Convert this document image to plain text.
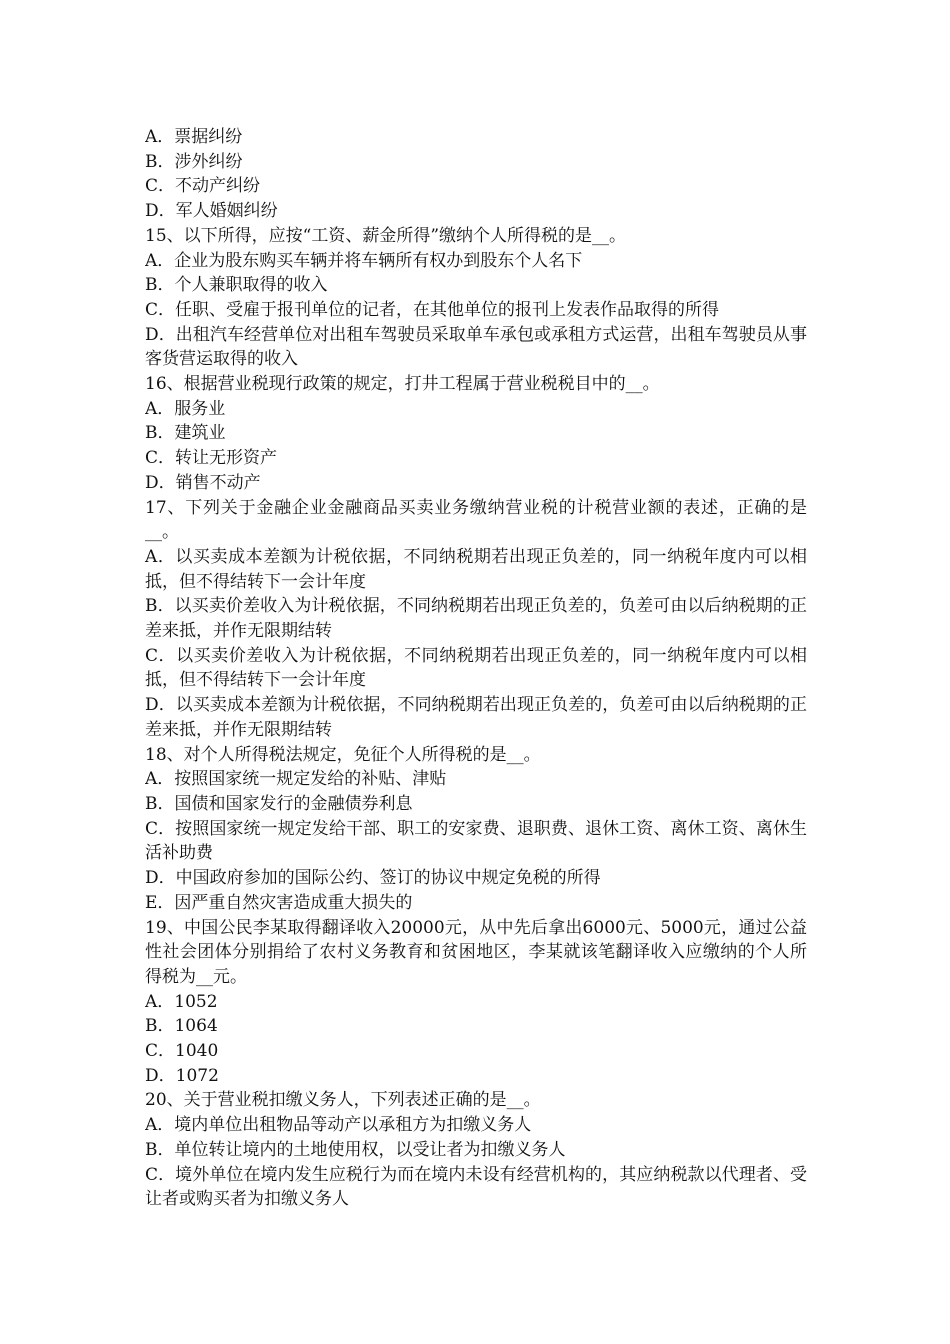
A．票据纠纷
B．涉外纠纷
C．不动产纠纷
D．军人婚姻纠纷
15、以下所得，应按“工资、薪金所得”缴纳个人所得税的是__。
A．企业为股东购买车辆并将车辆所有权办到股东个人名下
B．个人兼职取得的收入
C．任职、受雇于报刊单位的记者，在其他单位的报刊上发表作品取得的所得
D．出租汽车经营单位对出租车驾驶员采取单车承包或承租方式运营，出租车驾驶员从事客货营运取得的收入
16、根据营业税现行政策的规定，打井工程属于营业税税目中的__。
A．服务业
B．建筑业
C．转让无形资产
D．销售不动产
17、下列关于金融企业金融商品买卖业务缴纳营业税的计税营业额的表述，正确的是__。
A．以买卖成本差额为计税依据，不同纳税期若出现正负差的，同一纳税年度内可以相抵，但不得结转下一会计年度
B．以买卖价差收入为计税依据，不同纳税期若出现正负差的，负差可由以后纳税期的正差来抵，并作无限期结转
C．以买卖价差收入为计税依据，不同纳税期若出现正负差的，同一纳税年度内可以相抵，但不得结转下一会计年度
D．以买卖成本差额为计税依据，不同纳税期若出现正负差的，负差可由以后纳税期的正差来抵，并作无限期结转
18、对个人所得税法规定，免征个人所得税的是__。
A．按照国家统一规定发给的补贴、津贴
B．国债和国家发行的金融债券利息
C．按照国家统一规定发给干部、职工的安家费、退职费、退休工资、离休工资、离休生活补助费
D．中国政府参加的国际公约、签订的协议中规定免税的所得
E．因严重自然灾害造成重大损失的
19、中国公民李某取得翻译收入20000元，从中先后拿出6000元、5000元，通过公益性社会团体分别捐给了农村义务教育和贫困地区，李某就该笔翻译收入应缴纳的个人所得税为__元。
A．1052
B．1064
C．1040
D．1072
20、关于营业税扣缴义务人，下列表述正确的是__。
A．境内单位出租物品等动产以承租方为扣缴义务人
B．单位转让境内的土地使用权，以受让者为扣缴义务人
C．境外单位在境内发生应税行为而在境内未设有经营机构的，其应纳税款以代理者、受让者或购买者为扣缴义务人
